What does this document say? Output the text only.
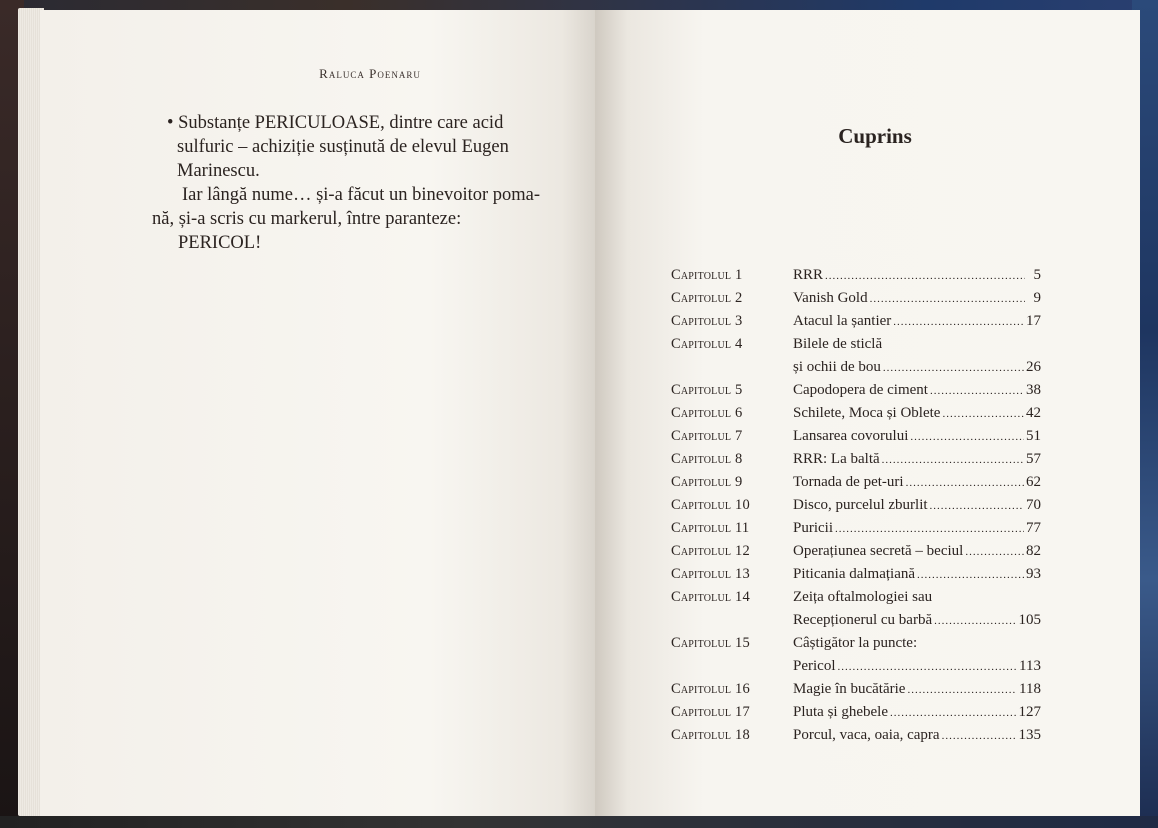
Raluca Poenaru
• Substanțe PERICULOASE, dintre care acid
sulfuric – achiziție susținută de elevul Eugen
Marinescu.
Iar lângă nume… și-a făcut un binevoitor poma-
nă, și-a scris cu markerul, între paranteze:
PERICOL!
Cuprins
Capitolul 1	RRR .....	5
Capitolul 2	Vanish Gold .....	9
Capitolul 3	Atacul la șantier .....	17
Capitolul 4	Bilele de sticlă
și ochii de bou .....	26
Capitolul 5	Capodopera de ciment .....	38
Capitolul 6	Schilete, Moca și Oblete .....	42
Capitolul 7	Lansarea covorului .....	51
Capitolul 8	RRR: La baltă .....	57
Capitolul 9	Tornada de pet-uri .....	62
Capitolul 10	Disco, purcelul zburlit .....	70
Capitolul 11	Puricii .....	77
Capitolul 12	Operațiunea secretă – beciul .....	82
Capitolul 13	Piticania dalmațiană .....	93
Capitolul 14	Zeița oftalmologiei sau
Recepționerul cu barbă .....	105
Capitolul 15	Câștigător la puncte:
Pericol .....	113
Capitolul 16	Magie în bucătărie .....	118
Capitolul 17	Pluta și ghebele .....	127
Capitolul 18	Porcul, vaca, oaia, capra .....	135
